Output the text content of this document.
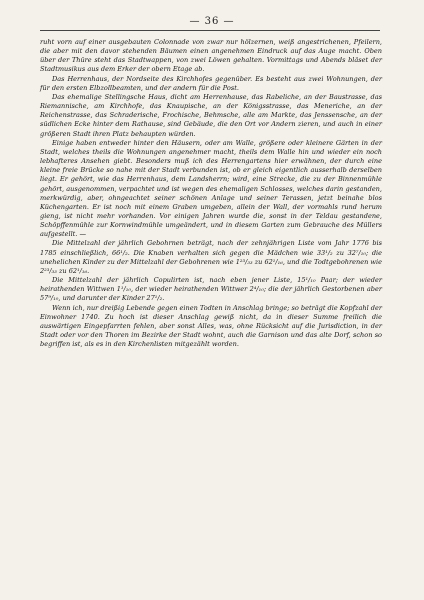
— 36 —

ruht vorn auf einer ausgebauten Colonnade von zwar nur hölzernen, weiß angestrichenen, Pfeilern, die aber mit den davor stehenden Bäumen einen angenehmen Eindruck auf das Auge macht. Oben über der Thüre steht das Stadtwappen, von zwei Löwen gehalten. Vormittags und Abends bläset der Stadtmusikus aus dem Erker der obern Etage ab.

Das Herrenhaus, der Nordseite des Kirchhofes gegenüber. Es besteht aus zwei Wohnungen, der für den ersten Elbzollbeamten, und der andern für die Post.

Das ehemalige Stellingsche Haus, dicht am Herrenhause, das Rabeliche, an der Baustrasse, das Riemannische, am Kirchhofe, das Knaupische, an der Königsstrasse, das Meneriche, an der Reichenstrasse, das Schraderische, Frochische, Behmsche, alle am Markte, das Jenssensche, an der südlichen Ecke hinter dem Rathause, sind Gebäude, die den Ort vor Andern zieren, und auch in einer größeren Stadt ihren Platz behaupten würden.

Einige haben entweder hinter den Häusern, oder am Walle, größere oder kleinere Gärten in der Stadt, welches theils die Wohnungen angenehmer macht, theils dem Walle hin und wieder ein noch lebhafteres Ansehen giebt. Besonders muß ich des Herrengartens hier erwähnen, der durch eine kleine freie Brücke so nahe mit der Stadt verbunden ist, ob er gleich eigentlich ausserhalb derselben liegt. Er gehört, wie das Herrenhaus, dem Landsherrn; wird, eine Strecke, die zu der Binnenmühle gehört, ausgenommen, verpachtet und ist wegen des ehemaligen Schlosses, welches darin gestanden, merkwürdig, aber, ohngeachtet seiner schönen Anlage und seiner Terassen, jetzt beinahe blos Küchengarten. Er ist noch mit einem Graben umgeben, allein der Wall, der vormahls rund herum gieng, ist nicht mehr vorhanden. Vor einigen Jahren wurde die, sonst in der Teldau gestandene, Schöpffenmühle zur Kornwindmühle umgeändert, und in diesem Garten zum Gebrauche des Müllers aufgestellt. —

Die Mittelzahl der jährlich Gebohrnen beträgt, nach der zehnjährigen Liste vom Jahr 1776 bis 1785 einschließlich, 66¹/₂. Die Knaben verhalten sich gegen die Mädchen wie 33¹/₂ zu 32⁷/₁₀; die unehelichen Kinder zu der Mittelzahl der Gebohrenen wie 1²³/₃₃ zu 62¹/₁₆, und die Todtgebohrenen wie 2²³/₃₃ zu 62¹/₁₆.

Die Mittelzahl der jährlich Copulirten ist, nach eben jener Liste, 15¹/₁₀ Paar; der wieder heirathenden Wittwen 1¹/₁₀, der wieder heirathenden Wittwer 2⁴/₁₀; die der jährlich Gestorbenen aber 57⁹/₁₀, und darunter der Kinder 27¹/₂.

Wenn ich, nur dreißig Lebende gegen einen Todten in Anschlag bringe; so beträgt die Kopfzahl der Einwohner 1740. Zu hoch ist dieser Anschlag gewiß nicht, da in dieser Summe freilich die auswärtigen Eingepfarrten fehlen, aber sonst Alles, was, ohne Rücksicht auf die Jurisdiction, in der Stadt oder vor den Thoren im Bezirke der Stadt wohnt, auch die Garnison und das alte Dorf, schon so begriffen ist, als es in den Kirchenlisten mitgezählt worden.
